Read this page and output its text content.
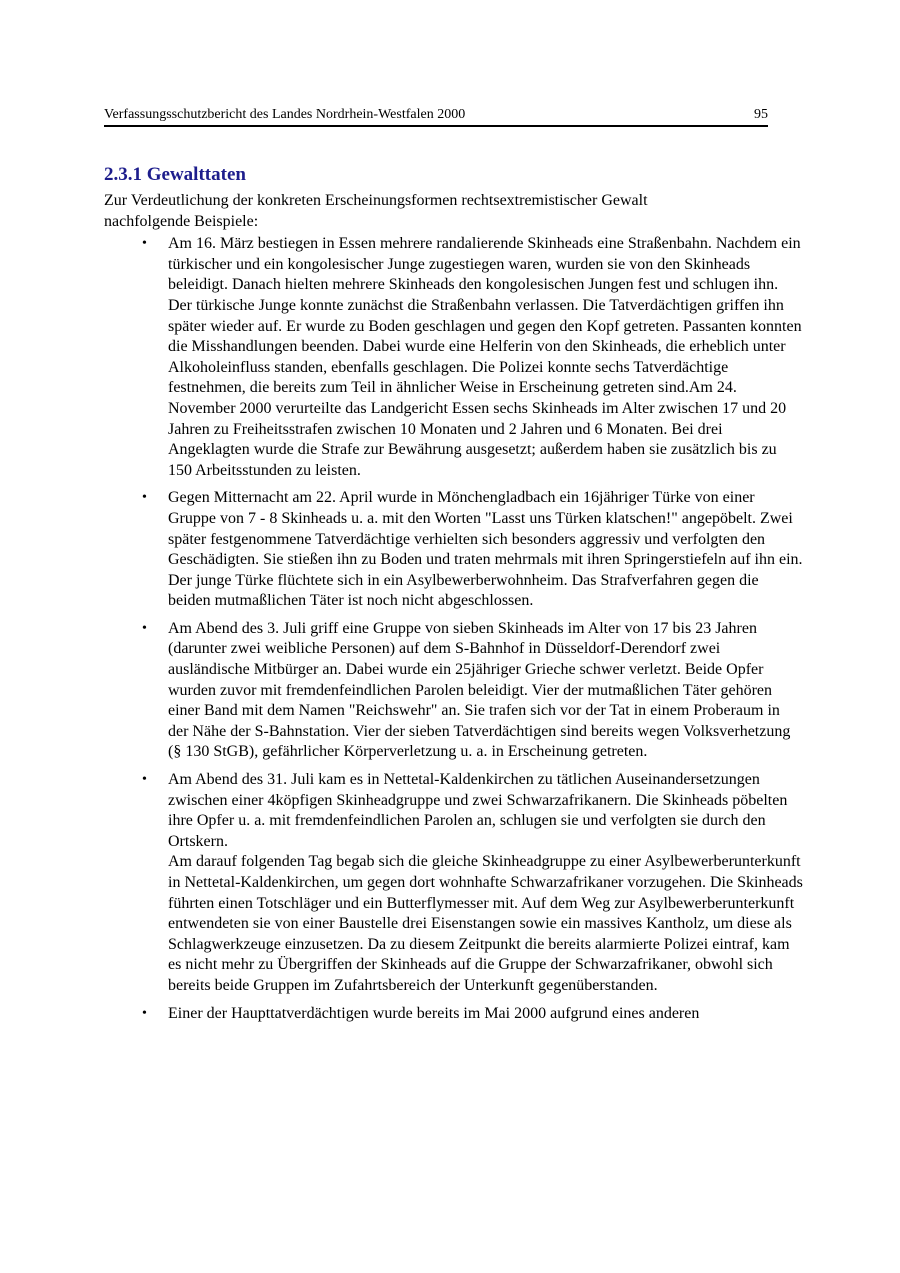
Verfassungsschutzbericht des Landes Nordrhein-Westfalen 2000	95
2.3.1 Gewalttaten

Zur Verdeutlichung der konkreten Erscheinungsformen rechtsextremistischer Gewalt nachfolgende Beispiele:

• Am 16. März bestiegen in Essen mehrere randalierende Skinheads eine Straßenbahn. Nachdem ein türkischer und ein kongolesischer Junge zugestiegen waren, wurden sie von den Skinheads beleidigt. Danach hielten mehrere Skinheads den kongolesischen Jungen fest und schlugen ihn. Der türkische Junge konnte zunächst die Straßenbahn verlassen. Die Tatverdächtigen griffen ihn später wieder auf. Er wurde zu Boden geschlagen und gegen den Kopf getreten. Passanten konnten die Misshandlungen beenden. Dabei wurde eine Helferin von den Skinheads, die erheblich unter Alkoholeinfluss standen, ebenfalls geschlagen. Die Polizei konnte sechs Tatverdächtige festnehmen, die bereits zum Teil in ähnlicher Weise in Erscheinung getreten sind.Am 24. November 2000 verurteilte das Landgericht Essen sechs Skinheads im Alter zwischen 17 und 20 Jahren zu Freiheitsstrafen zwischen 10 Monaten und 2 Jahren und 6 Monaten. Bei drei Angeklagten wurde die Strafe zur Bewährung ausgesetzt; außerdem haben sie zusätzlich bis zu 150 Arbeitsstunden zu leisten.

• Gegen Mitternacht am 22. April wurde in Mönchengladbach ein 16jähriger Türke von einer Gruppe von 7 - 8 Skinheads u. a. mit den Worten "Lasst uns Türken klatschen!" angepöbelt. Zwei später festgenommene Tatverdächtige verhielten sich besonders aggressiv und verfolgten den Geschädigten. Sie stießen ihn zu Boden und traten mehrmals mit ihren Springerstiefeln auf ihn ein. Der junge Türke flüchtete sich in ein Asylbewerberwohnheim. Das Strafverfahren gegen die beiden mutmaßlichen Täter ist noch nicht abgeschlossen.

• Am Abend des 3. Juli griff eine Gruppe von sieben Skinheads im Alter von 17 bis 23 Jahren (darunter zwei weibliche Personen) auf dem S-Bahnhof in Düsseldorf-Derendorf zwei ausländische Mitbürger an. Dabei wurde ein 25jähriger Grieche schwer verletzt. Beide Opfer wurden zuvor mit fremdenfeindlichen Parolen beleidigt. Vier der mutmaßlichen Täter gehören einer Band mit dem Namen "Reichswehr" an. Sie trafen sich vor der Tat in einem Proberaum in der Nähe der S-Bahnstation. Vier der sieben Tatverdächtigen sind bereits wegen Volksverhetzung (§ 130 StGB), gefährlicher Körperverletzung u. a. in Erscheinung getreten.

• Am Abend des 31. Juli kam es in Nettetal-Kaldenkirchen zu tätlichen Auseinandersetzungen zwischen einer 4köpfigen Skinheadgruppe und zwei Schwarzafrikanern. Die Skinheads pöbelten ihre Opfer u. a. mit fremdenfeindlichen Parolen an, schlugen sie und verfolgten sie durch den Ortskern.

Am darauf folgenden Tag begab sich die gleiche Skinheadgruppe zu einer Asylbewerberunterkunft in Nettetal-Kaldenkirchen, um gegen dort wohnhafte Schwarzafrikaner vorzugehen. Die Skinheads führten einen Totschläger und ein Butterflymesser mit. Auf dem Weg zur Asylbewerberunterkunft entwendeten sie von einer Baustelle drei Eisenstangen sowie ein massives Kantholz, um diese als Schlagwerkzeuge einzusetzen. Da zu diesem Zeitpunkt die bereits alarmierte Polizei eintraf, kam es nicht mehr zu Übergriffen der Skinheads auf die Gruppe der Schwarzafrikaner, obwohl sich bereits beide Gruppen im Zufahrtsbereich der Unterkunft gegenüberstanden.

• Einer der Haupttatverdächtigen wurde bereits im Mai 2000 aufgrund eines anderen
